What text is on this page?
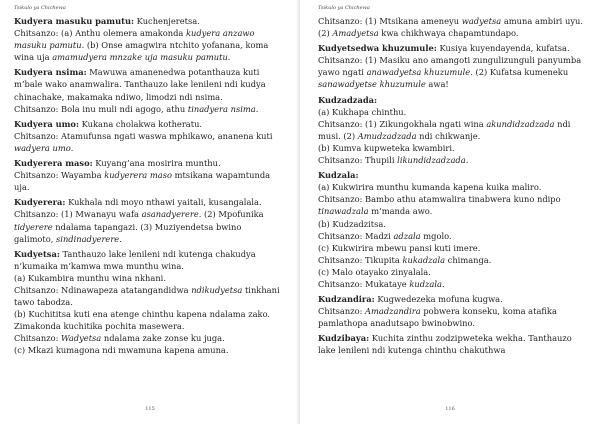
Tsikulo ya Chichewa

Kudyera masuku pamutu: Kuchenjeretsa.

Chitsanzo: (a) Anthu olemera amakonda kudyera anzawo masuku pamutu. (b) Onse amagwira ntchito yofanana, koma wina uja amamudyera mnzake uja masuku pamutu.

Kudyera nsima: Mawuwa amanenedwa potanthauza kuti m’bale wako anamwalira. Tanthauzo lake lenileni ndi kudya chinachake, makamaka ndiwo, limodzi ndi nsima.

Chitsanzo: Bola inu muli ndi agogo, athu tinadyera nsima.

Kudyera umo: Kukana cholakwa kotheratu.

Chitsanzo: Atamufunsa ngati waswa mphikawo, ananena kuti wadyera umo.

Kudyerera maso: Kuyang’ana mosirira munthu.

Chitsanzo: Wayamba kudyerera maso mtsikana wapamtunda uja.

Kudyerera: Kukhala ndi moyo nthawi yaitali, kusangalala.

Chitsanzo: (1) Mwanayu wafa asanadyerere. (2) Mpofunika tidyerere ndalama tapangazi. (3) Muziyendetsa bwino galimoto, sindinadyerere.

Kudyetsa: Tanthauzo lake lenileni ndi kutenga chakudya n’kumaika m’kamwa mwa munthu wina.

(a) Kukambira munthu wina nkhani.

Chitsanzo: Ndinawapeza atatangandidwa ndikudyetsa tinkhani tawo tabodza.

(b) Kuchititsa kuti ena atenge chinthu kapena ndalama zako. Zimakonda kuchitika pochita masewera.

Chitsanzo: Wadyetsa ndalama zake zonse ku juga.

(c) Mkazi kumagona ndi mwamuna kapena amuna.

115
Tsikulo ya Chichewa

Chitsanzo: (1) Mtsikana ameneyu wadyetsa amuna ambiri uyu. (2) Amadyetsa kwa chikhwaya chapamtundapo.

Kudyetsedwa khuzumule: Kusiya kuyendayenda, kufatsa.

Chitsanzo: (1) Masiku ano amangoti zungulizunguli panyumba yawo ngati anawadyetsa khuzumule. (2) Kufatsa kumeneku sanawadyetse khuzumule awa!

Kudzadzada:

(a) Kukhapa chinthu.

Chitsanzo: (1) Zikungokhala ngati wina akundidzadzada ndi musi. (2) Amudzadzada ndi chikwanje.

(b) Kumva kupweteka kwambiri.

Chitsanzo: Thupili likundidzadzada.

Kudzala:

(a) Kukwirira munthu kumanda kapena kuika maliro.

Chitsanzo: Bambo athu atamwalira tinabwera kuno ndipo tinawadzala m’manda awo.

(b) Kudzadzitsa.

Chitsanzo: Madzi adzala mgolo.

(c) Kukwirira mbewu pansi kuti imere.

Chitsanzo: Tikupita kukadzala chimanga.

(c) Malo otayako zinyalala.

Chitsanzo: Mukataye kudzala.

Kudzandira: Kugwedezeka mofuna kugwa.

Chitsanzo: Amadzandira pobwera konseku, koma atafika pamlathopa anadutsapo bwinobwino.

Kudzibaya: Kuchita zinthu zodzipweteka wekha. Tanthauzo lake lenileni ndi kutenga chinthu chakuthwa

116
